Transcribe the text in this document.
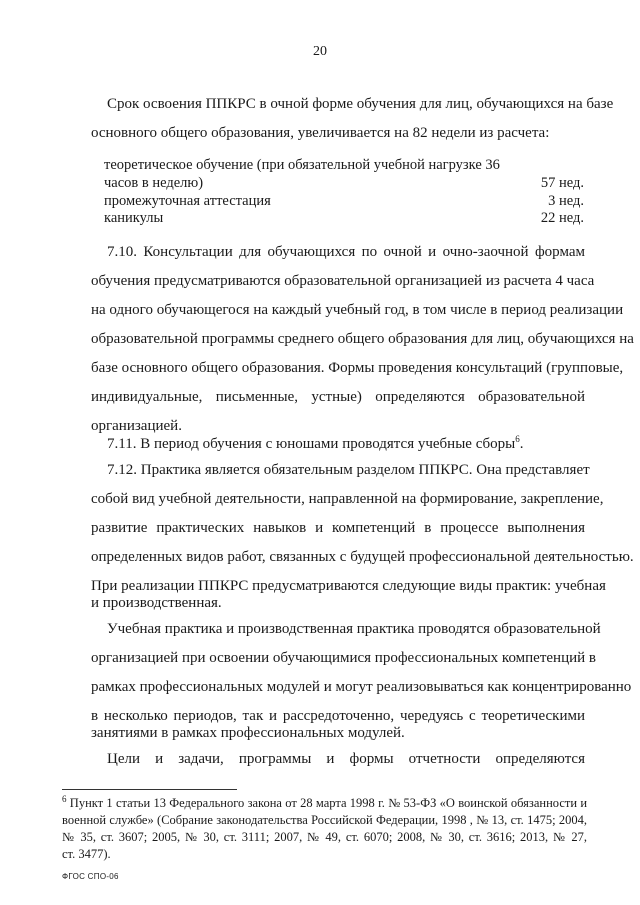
20
Срок освоения ППКРС в очной форме обучения для лиц, обучающихся на базе
основного общего образования, увеличивается на 82 недели из расчета:
теоретическое обучение (при обязательной учебной нагрузке 36
часов в неделю)	57 нед.
промежуточная аттестация	3 нед.
каникулы	22 нед.
7.10. Консультации для обучающихся по очной и очно-заочной формам
обучения предусматриваются образовательной организацией из расчета 4 часа
на одного обучающегося на каждый учебный год, в том числе в период реализации
образовательной программы среднего общего образования для лиц, обучающихся на
базе основного общего образования. Формы проведения консультаций (групповые,
индивидуальные, письменные, устные) определяются образовательной
организацией.
7.11. В период обучения с юношами проводятся учебные сборы$^6$.
7.12. Практика является обязательным разделом ППКРС. Она представляет
собой вид учебной деятельности, направленной на формирование, закрепление,
развитие практических навыков и компетенций в процессе выполнения
определенных видов работ, связанных с будущей профессиональной деятельностью.
При реализации ППКРС предусматриваются следующие виды практик: учебная
и производственная.
Учебная практика и производственная практика проводятся образовательной
организацией при освоении обучающимися профессиональных компетенций в
рамках профессиональных модулей и могут реализовываться как концентрированно
в несколько периодов, так и рассредоточенно, чередуясь с теоретическими
занятиями в рамках профессиональных модулей.
Цели и задачи, программы и формы отчетности определяются
$^6$ Пункт 1 статьи 13 Федерального закона от 28 марта 1998 г. № 53-ФЗ «О воинской обязанности и
военной службе» (Собрание законодательства Российской Федерации, 1998 , № 13, ст. 1475; 2004,
№ 35, ст. 3607; 2005, № 30, ст. 3111; 2007, № 49, ст. 6070; 2008, № 30, ст. 3616; 2013, № 27,
ст. 3477).
ФГОС СПО-06
